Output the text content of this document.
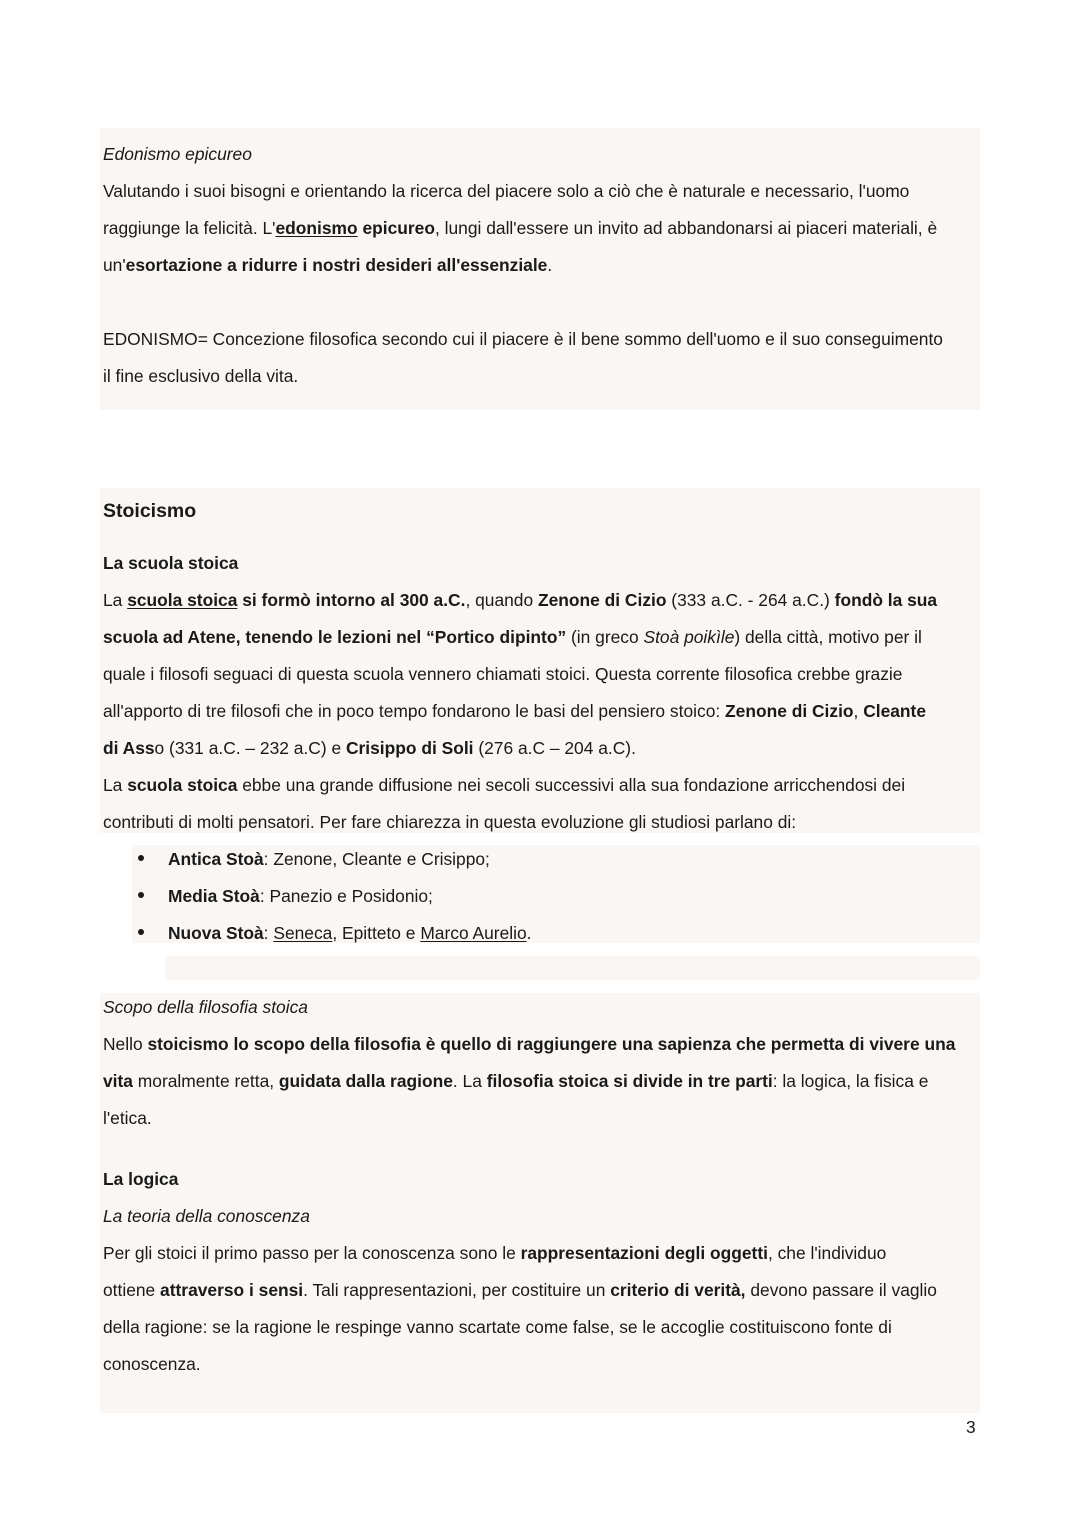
Edonismo epicureo
Valutando i suoi bisogni e orientando la ricerca del piacere solo a ciò che è naturale e necessario, l'uomo
raggiunge la felicità. L'edonismo epicureo, lungi dall'essere un invito ad abbandonarsi ai piaceri materiali, è
un'esortazione a ridurre i nostri desideri all'essenziale.
EDONISMO= Concezione filosofica secondo cui il piacere è il bene sommo dell'uomo e il suo conseguimento
il fine esclusivo della vita.
Stoicismo
La scuola stoica
La scuola stoica si formò intorno al 300 a.C., quando Zenone di Cizio (333 a.C. - 264 a.C.) fondò la sua
scuola ad Atene, tenendo le lezioni nel “Portico dipinto” (in greco Stoà poikìle) della città, motivo per il
quale i filosofi seguaci di questa scuola vennero chiamati stoici. Questa corrente filosofica crebbe grazie
all'apporto di tre filosofi che in poco tempo fondarono le basi del pensiero stoico: Zenone di Cizio, Cleante
di Asso (331 a.C. – 232 a.C) e Crisippo di Soli (276 a.C – 204 a.C).
La scuola stoica ebbe una grande diffusione nei secoli successivi alla sua fondazione arricchendosi dei
contributi di molti pensatori. Per fare chiarezza in questa evoluzione gli studiosi parlano di:
Antica Stoà: Zenone, Cleante e Crisippo;
Media Stoà: Panezio e Posidonio;
Nuova Stoà: Seneca, Epitteto e Marco Aurelio.
Scopo della filosofia stoica
Nello stoicismo lo scopo della filosofia è quello di raggiungere una sapienza che permetta di vivere una
vita moralmente retta, guidata dalla ragione. La filosofia stoica si divide in tre parti: la logica, la fisica e
l'etica.
La logica
La teoria della conoscenza
Per gli stoici il primo passo per la conoscenza sono le rappresentazioni degli oggetti, che l'individuo
ottiene attraverso i sensi. Tali rappresentazioni, per costituire un criterio di verità, devono passare il vaglio
della ragione: se la ragione le respinge vanno scartate come false, se le accoglie costituiscono fonte di
conoscenza.
3
